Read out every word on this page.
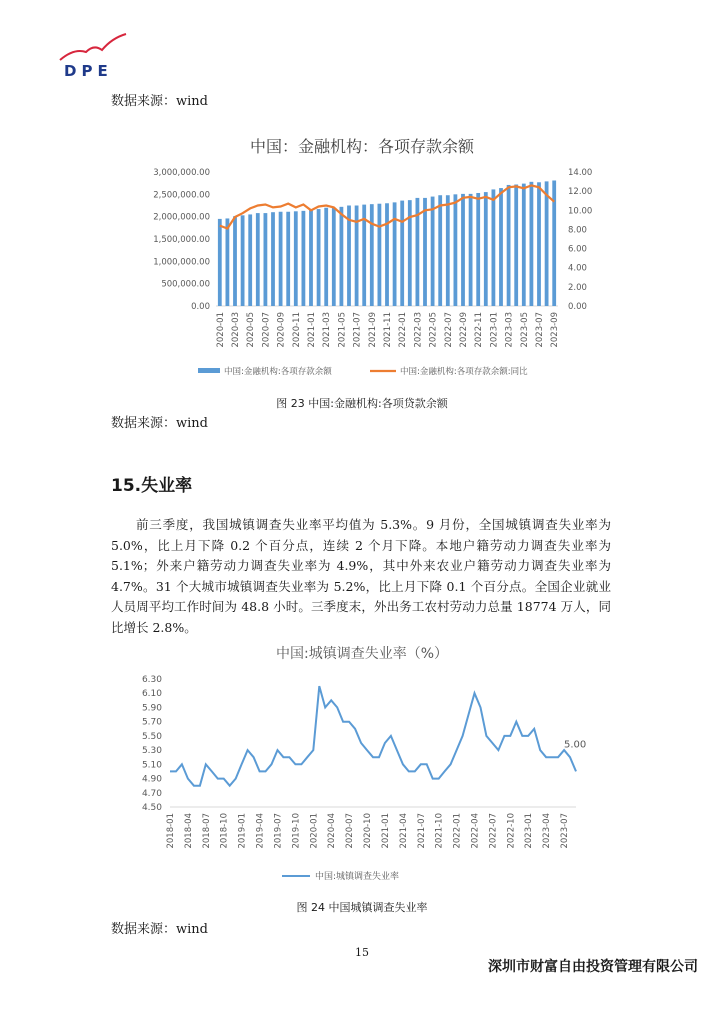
DPE
数据来源：wind
中国：金融机构：各项存款余额
3,000,000.00
2,500,000.00
2,000,000.00
1,500,000.00
1,000,000.00
500,000.00
0.00
14.00
12.00
10.00
8.00
6.00
4.00
2.00
0.00
2020-01 2020-03 2020-05 2020-07 2020-09 2020-11 2021-01 2021-03 2021-05 2021-07 2021-09 2021-11 2022-01 2022-03 2022-05 2022-07 2022-09 2022-11 2023-01 2023-03 2023-05 2023-07 2023-09
中国:金融机构:各项存款余额	中国:金融机构:各项存款余额:同比
图 23 中国:金融机构:各项贷款余额
数据来源：wind
15.失业率
前三季度，我国城镇调查失业率平均值为 5.3%。9 月份，全国城镇调查失业率为 5.0%，比上月下降 0.2 个百分点，连续 2 个月下降。本地户籍劳动力调查失业率为 5.1%；外来户籍劳动力调查失业率为 4.9%，其中外来农业户籍劳动力调查失业率为 4.7%。31 个大城市城镇调查失业率为 5.2%，比上月下降 0.1 个百分点。全国企业就业人员周平均工作时间为 48.8 小时。三季度末，外出务工农村劳动力总量 18774 万人，同比增长 2.8%。
中国:城镇调查失业率（%）
6.30
6.10
5.90
5.70
5.50
5.30
5.10
4.90
4.70
4.50
5.00
2018-01 2018-04 2018-07 2018-10 2019-01 2019-04 2019-07 2019-10 2020-01 2020-04 2020-07 2020-10 2021-01 2021-04 2021-07 2021-10 2022-01 2022-04 2022-07 2022-10 2023-01 2023-04 2023-07
中国:城镇调查失业率
图 24 中国城镇调查失业率
数据来源：wind
15
深圳市财富自由投资管理有限公司
